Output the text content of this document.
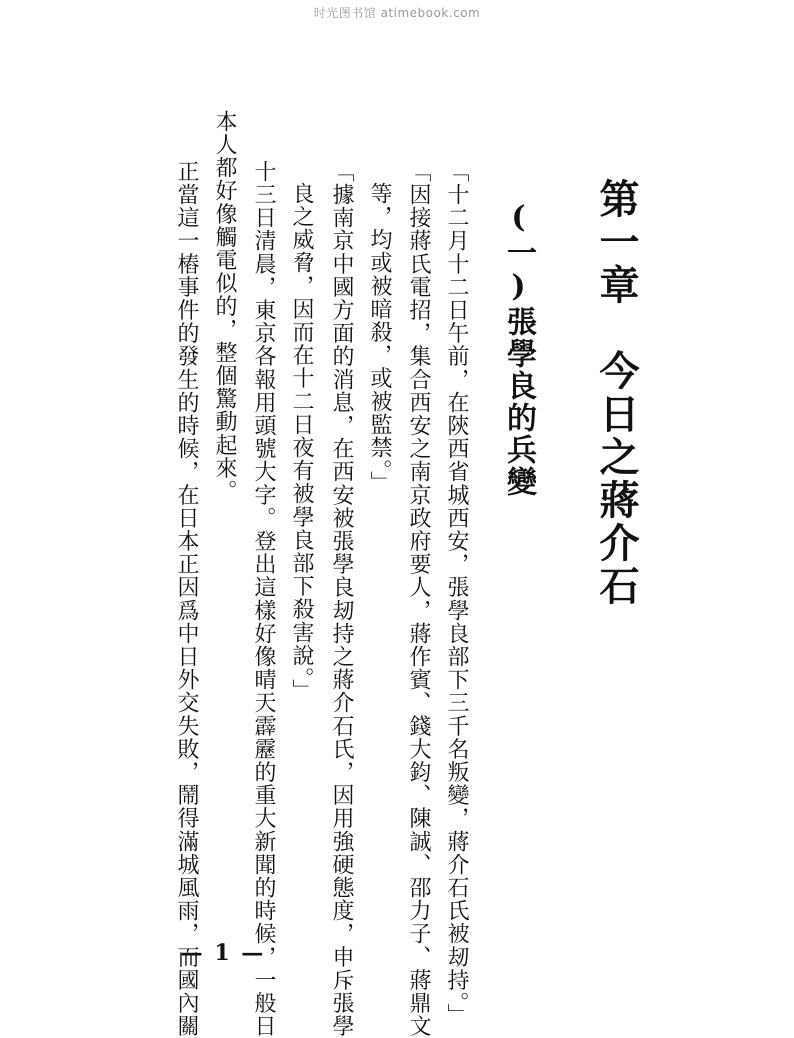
时光图书馆 atimebook.com
第一章　今日之蔣介石
(一)張學良的兵變
「十二月十二日午前，在陝西省城西安，張學良部下三千名叛變，蔣介石氏被刼持。」
「因接蔣氏電招，集合西安之南京政府要人，蔣作賓、錢大鈞、陳誠、邵力子、蔣鼎文
等，均或被暗殺，或被監禁。」
「據南京中國方面的消息，在西安被張學良刼持之蔣介石氏，因用強硬態度，申斥張學
良之威脅，因而在十二日夜有被學良部下殺害說。」
十三日清晨，東京各報用頭號大字。登出這樣好像晴天霹靂的重大新聞的時候，一般日
本人都好像觸電似的，整個驚動起來。
正當這一樁事件的發生的時候，在日本正因爲中日外交失敗，鬧得滿城風雨，而國內關
— 1 —
